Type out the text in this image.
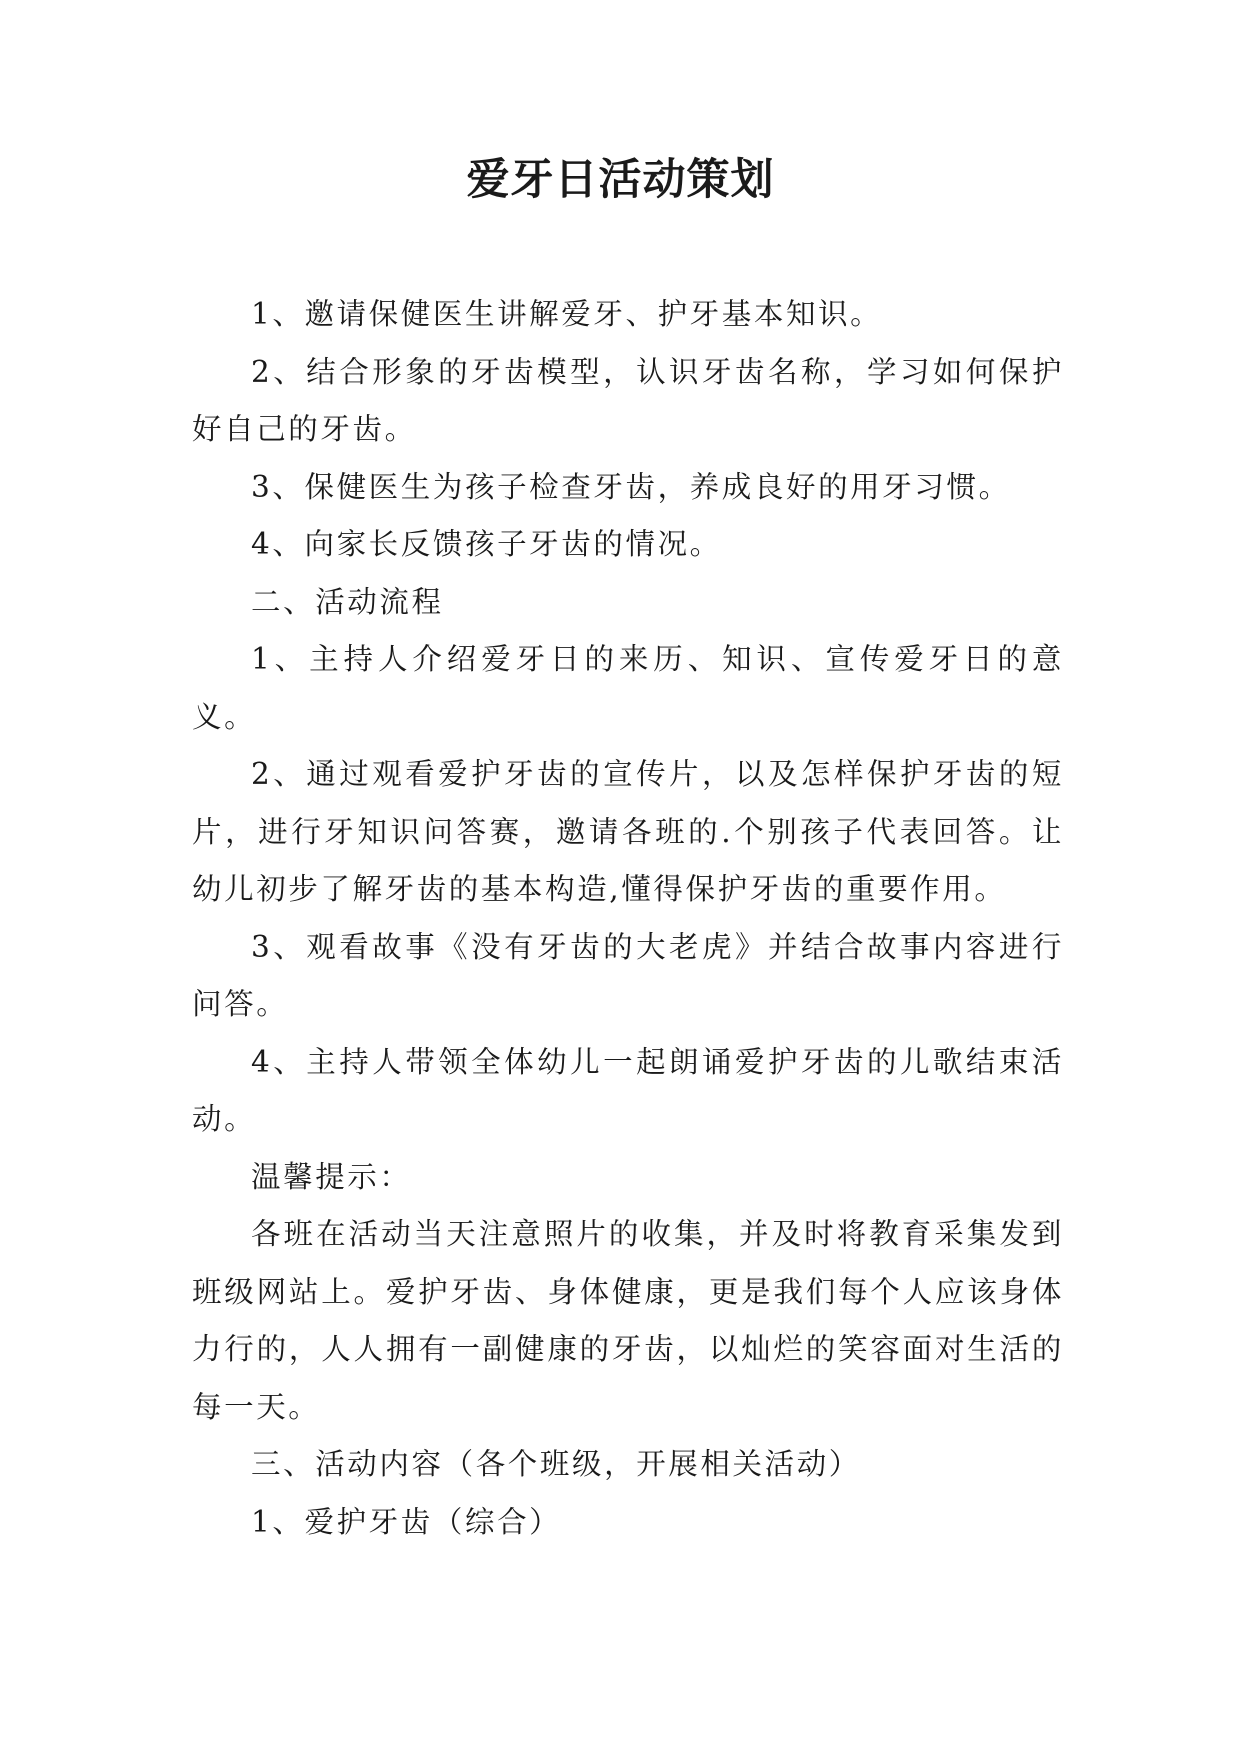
爱牙日活动策划

1、邀请保健医生讲解爱牙、护牙基本知识。

2、结合形象的牙齿模型，认识牙齿名称，学习如何保护好自己的牙齿。

3、保健医生为孩子检查牙齿，养成良好的用牙习惯。

4、向家长反馈孩子牙齿的情况。

二、活动流程

1、主持人介绍爱牙日的来历、知识、宣传爱牙日的意义。

2、通过观看爱护牙齿的宣传片，以及怎样保护牙齿的短片，进行牙知识问答赛，邀请各班的.个别孩子代表回答。让幼儿初步了解牙齿的基本构造,懂得保护牙齿的重要作用。

3、观看故事《没有牙齿的大老虎》并结合故事内容进行问答。

4、主持人带领全体幼儿一起朗诵爱护牙齿的儿歌结束活动。

温馨提示：

各班在活动当天注意照片的收集，并及时将教育采集发到班级网站上。爱护牙齿、身体健康，更是我们每个人应该身体力行的，人人拥有一副健康的牙齿，以灿烂的笑容面对生活的每一天。

三、活动内容（各个班级，开展相关活动）

1、爱护牙齿（综合）
